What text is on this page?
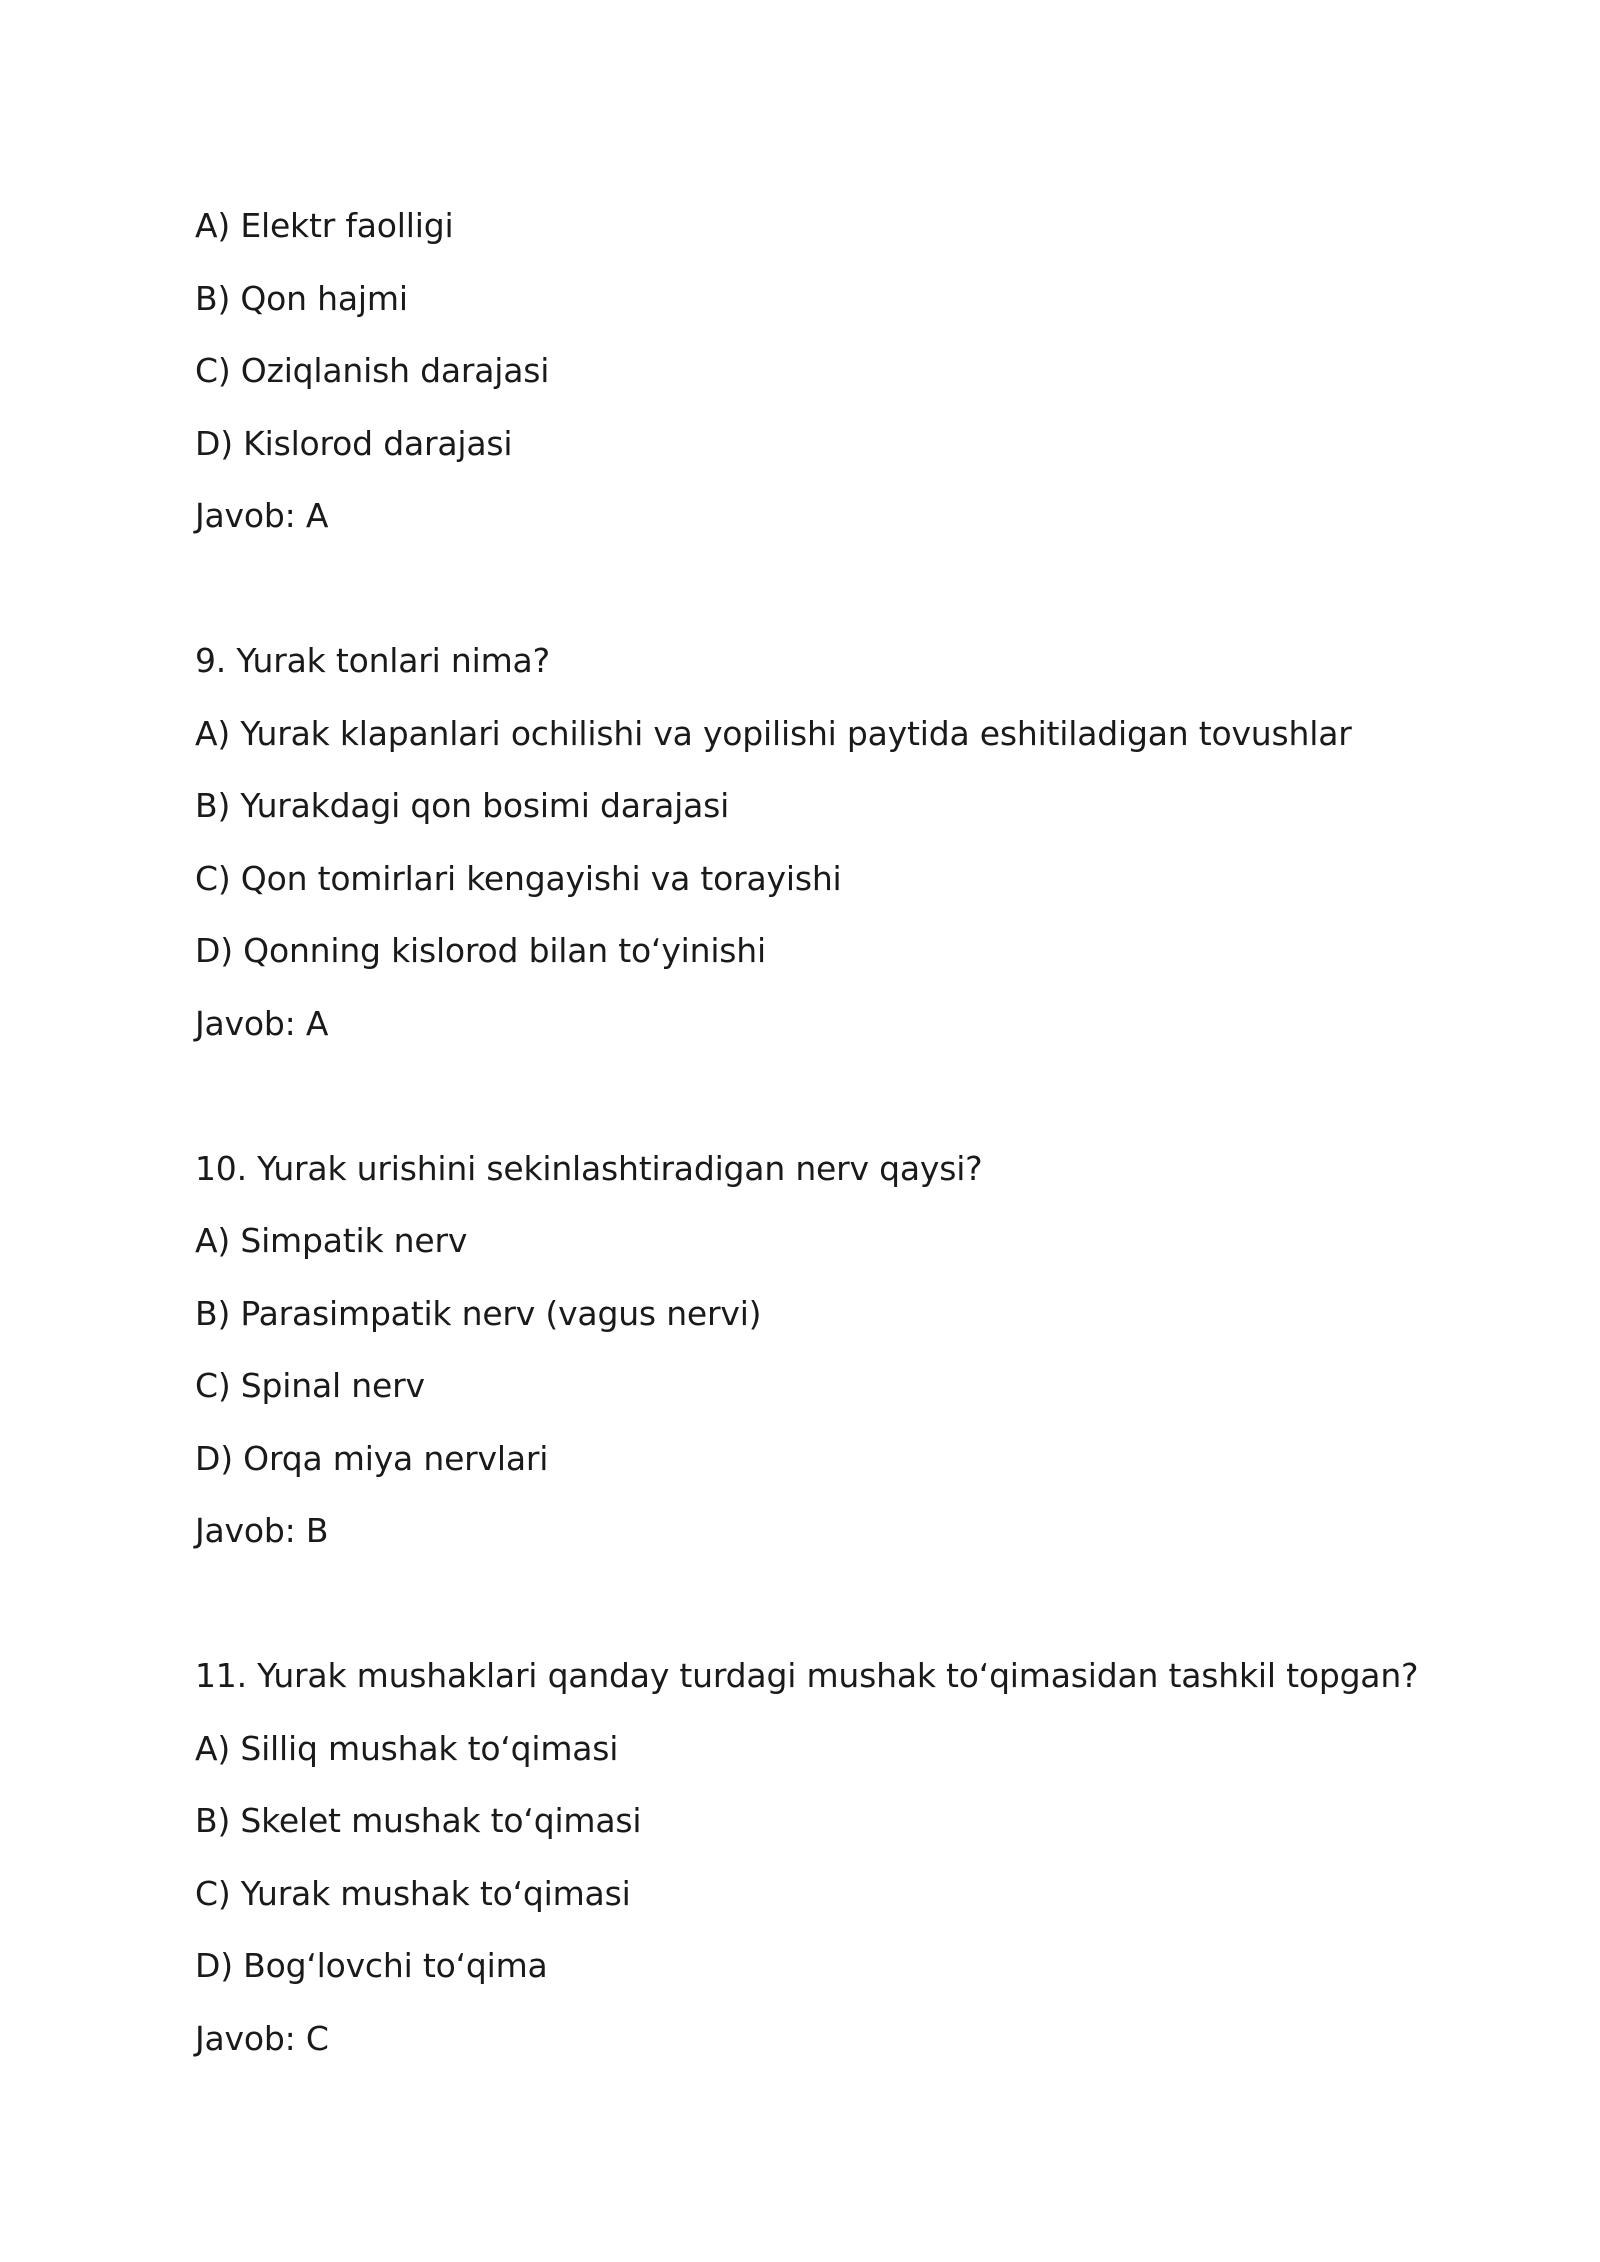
A) Elektr faolligi
B) Qon hajmi
C) Oziqlanish darajasi
D) Kislorod darajasi
Javob: A
9. Yurak tonlari nima?
A) Yurak klapanlari ochilishi va yopilishi paytida eshitiladigan tovushlar
B) Yurakdagi qon bosimi darajasi
C) Qon tomirlari kengayishi va torayishi
D) Qonning kislorod bilan to‘yinishi
Javob: A
10. Yurak urishini sekinlashtiradigan nerv qaysi?
A) Simpatik nerv
B) Parasimpatik nerv (vagus nervi)
C) Spinal nerv
D) Orqa miya nervlari
Javob: B
11. Yurak mushaklari qanday turdagi mushak to‘qimasidan tashkil topgan?
A) Silliq mushak to‘qimasi
B) Skelet mushak to‘qimasi
C) Yurak mushak to‘qimasi
D) Bog‘lovchi to‘qima
Javob: C
